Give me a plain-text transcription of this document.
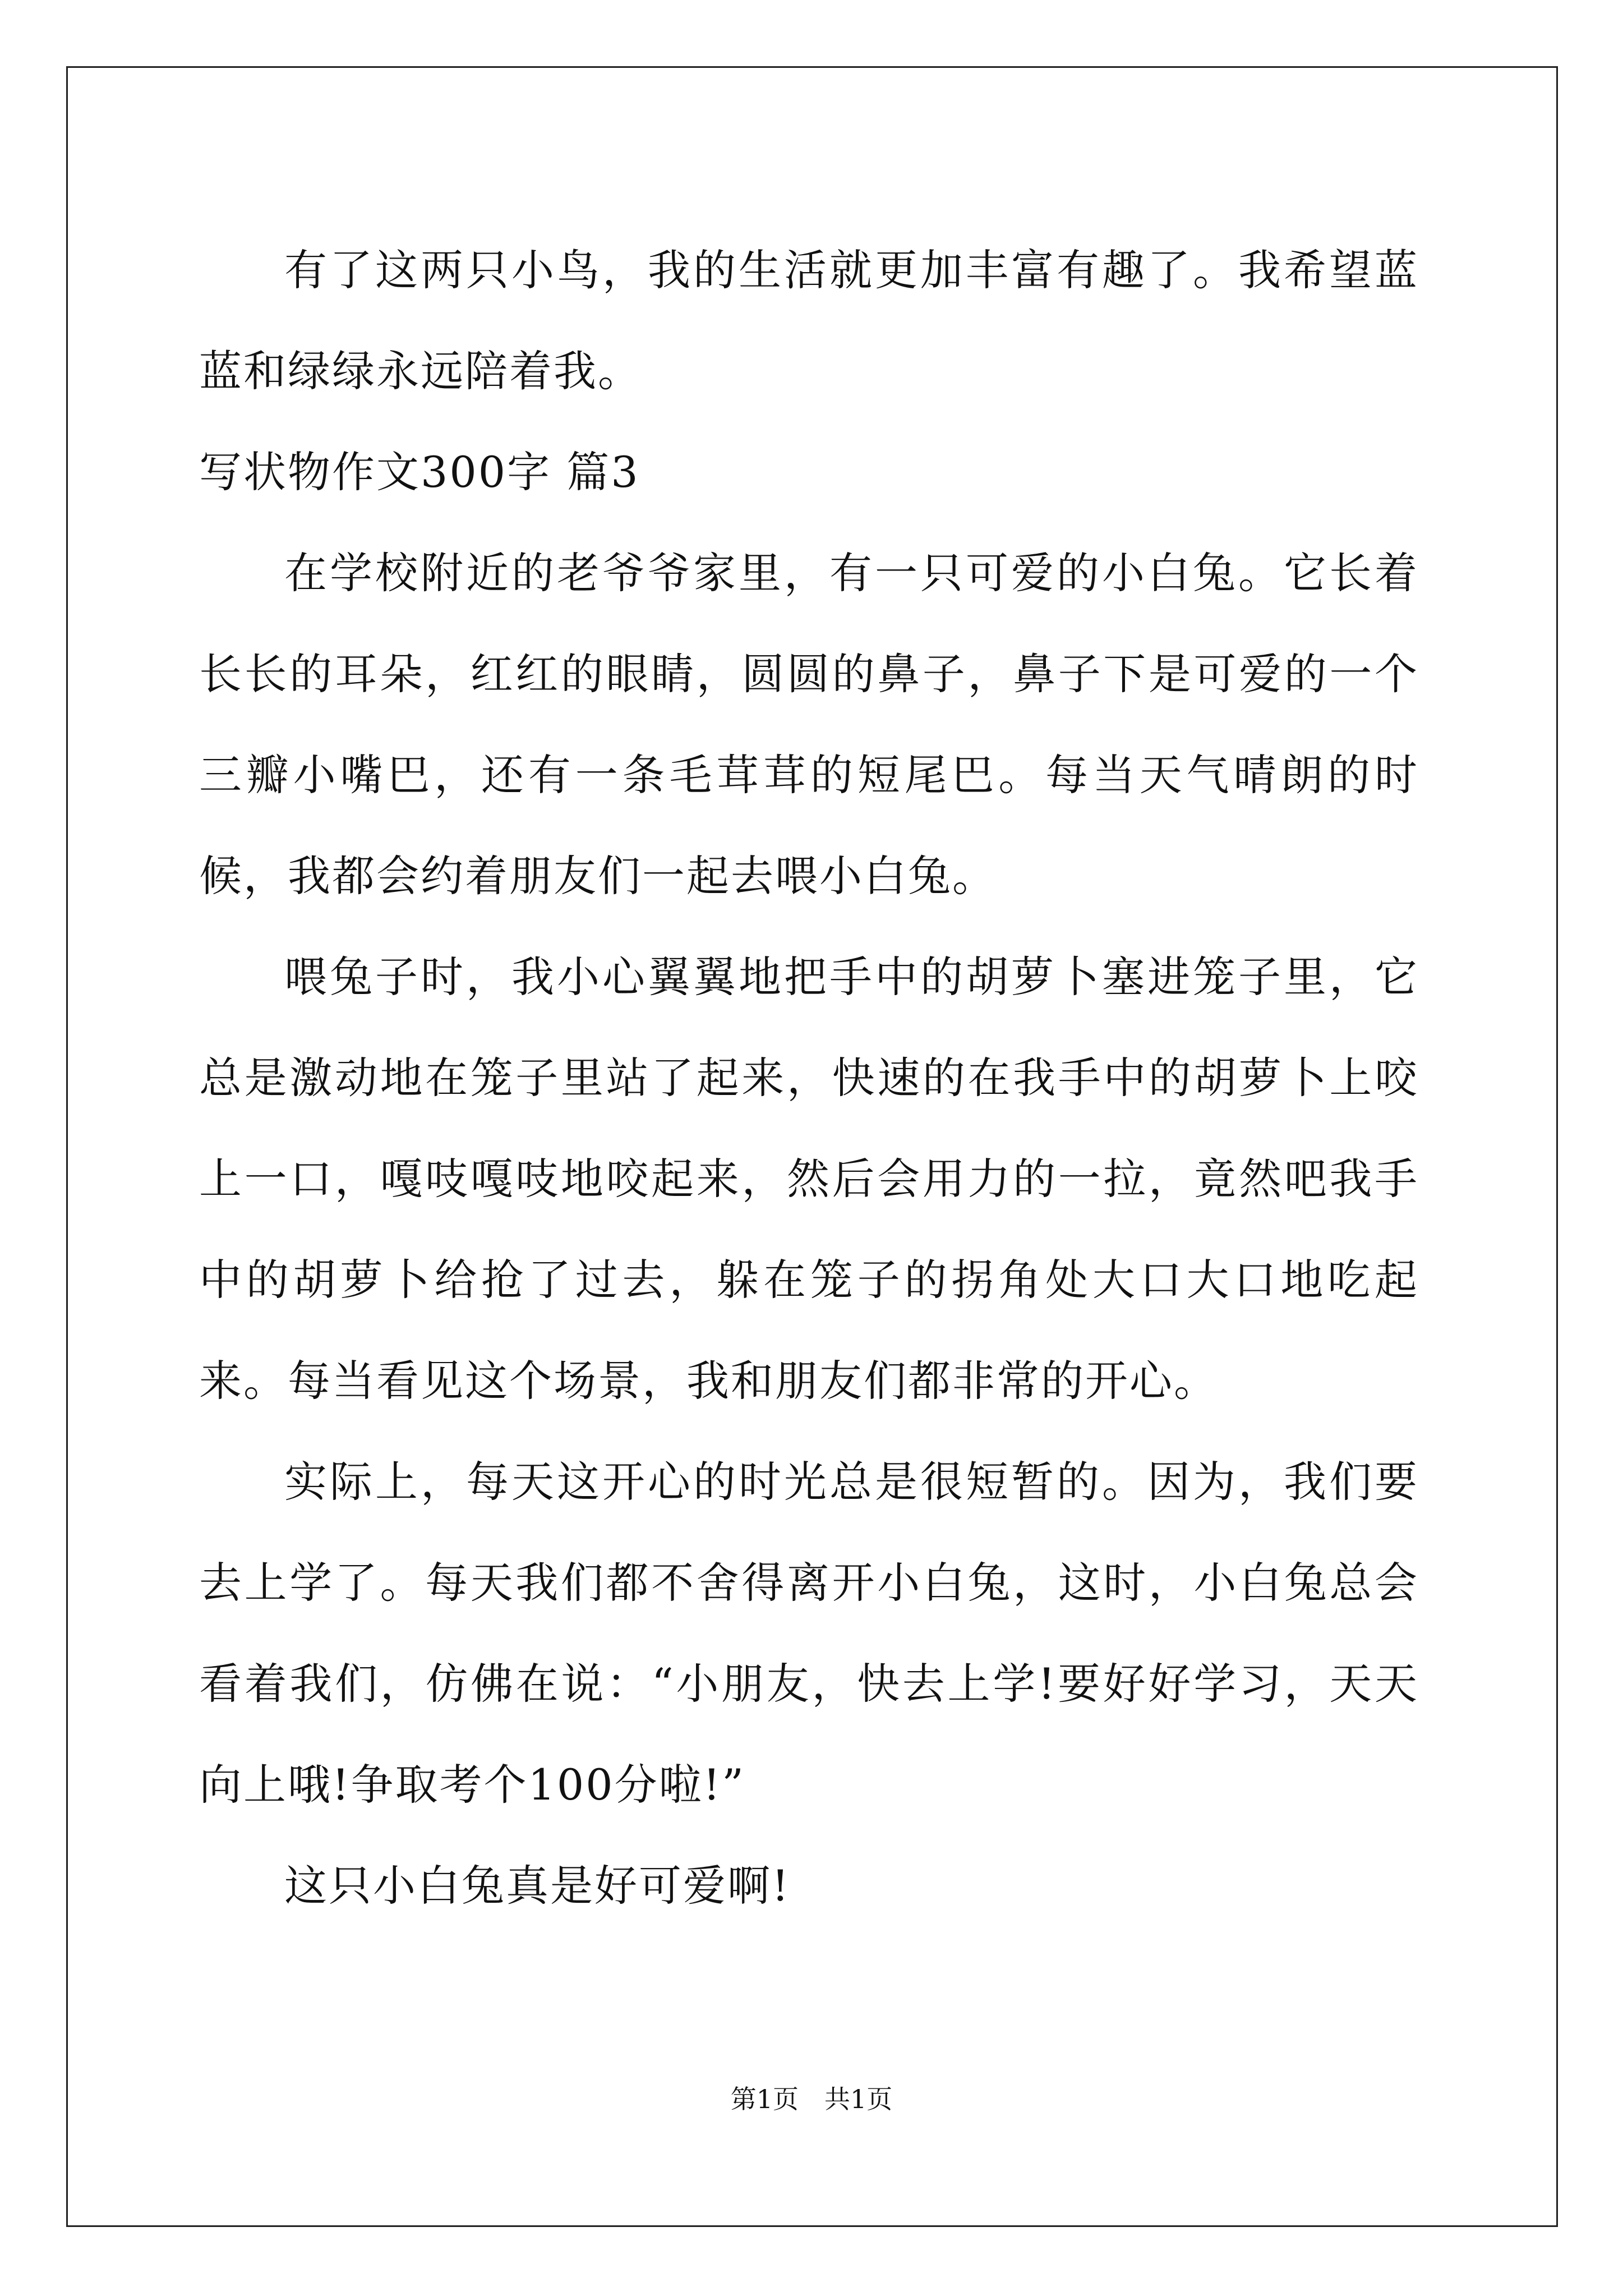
有了这两只小鸟，我的生活就更加丰富有趣了。我希望蓝蓝和绿绿永远陪着我。

写状物作文300字 篇3

在学校附近的老爷爷家里，有一只可爱的小白兔。它长着长长的耳朵，红红的眼睛，圆圆的鼻子，鼻子下是可爱的一个三瓣小嘴巴，还有一条毛茸茸的短尾巴。每当天气晴朗的时候，我都会约着朋友们一起去喂小白兔。

喂兔子时，我小心翼翼地把手中的胡萝卜塞进笼子里，它总是激动地在笼子里站了起来，快速的在我手中的胡萝卜上咬上一口，嘎吱嘎吱地咬起来，然后会用力的一拉，竟然吧我手中的胡萝卜给抢了过去，躲在笼子的拐角处大口大口地吃起来。每当看见这个场景，我和朋友们都非常的开心。

实际上，每天这开心的时光总是很短暂的。因为，我们要去上学了。每天我们都不舍得离开小白兔，这时，小白兔总会看着我们，仿佛在说：“小朋友，快去上学!要好好学习，天天向上哦!争取考个100分啦!”

这只小白兔真是好可爱啊!

第1页 共1页
